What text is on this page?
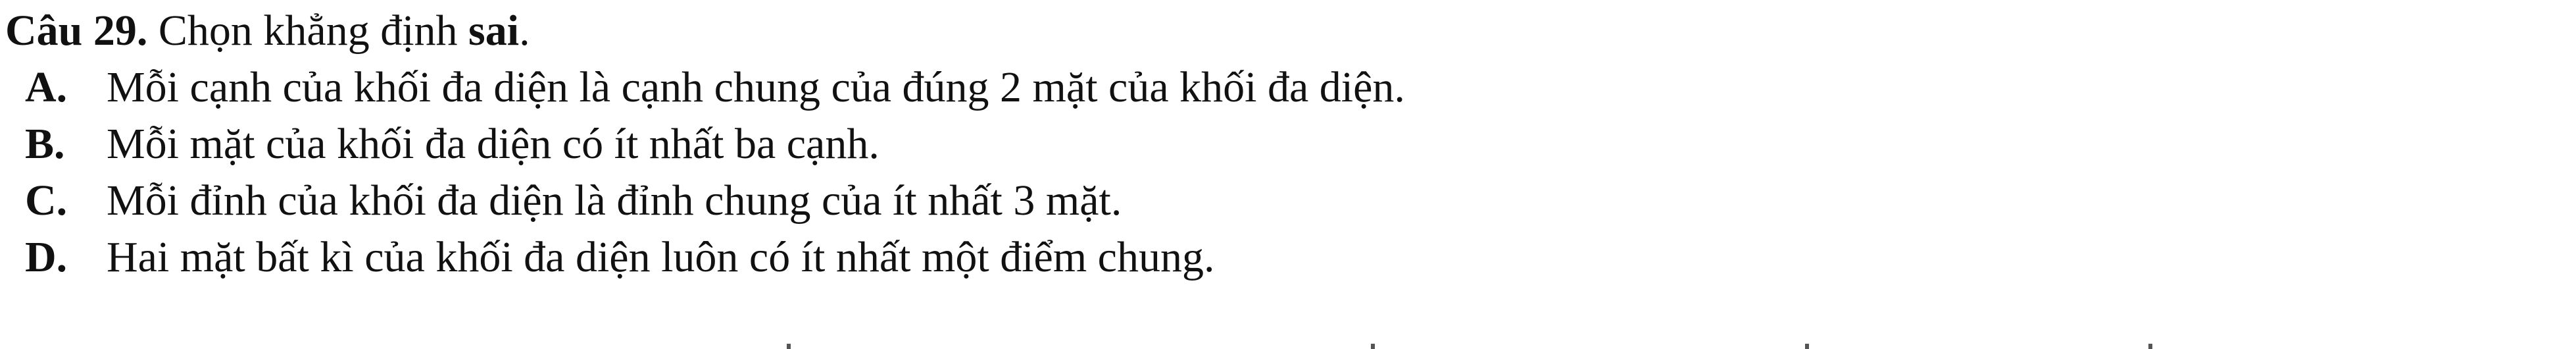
Câu 29. Chọn khẳng định sai.
A. Mỗi cạnh của khối đa diện là cạnh chung của đúng 2 mặt của khối đa diện.
B. Mỗi mặt của khối đa diện có ít nhất ba cạnh.
C. Mỗi đỉnh của khối đa diện là đỉnh chung của ít nhất 3 mặt.
D. Hai mặt bất kì của khối đa diện luôn có ít nhất một điểm chung.
